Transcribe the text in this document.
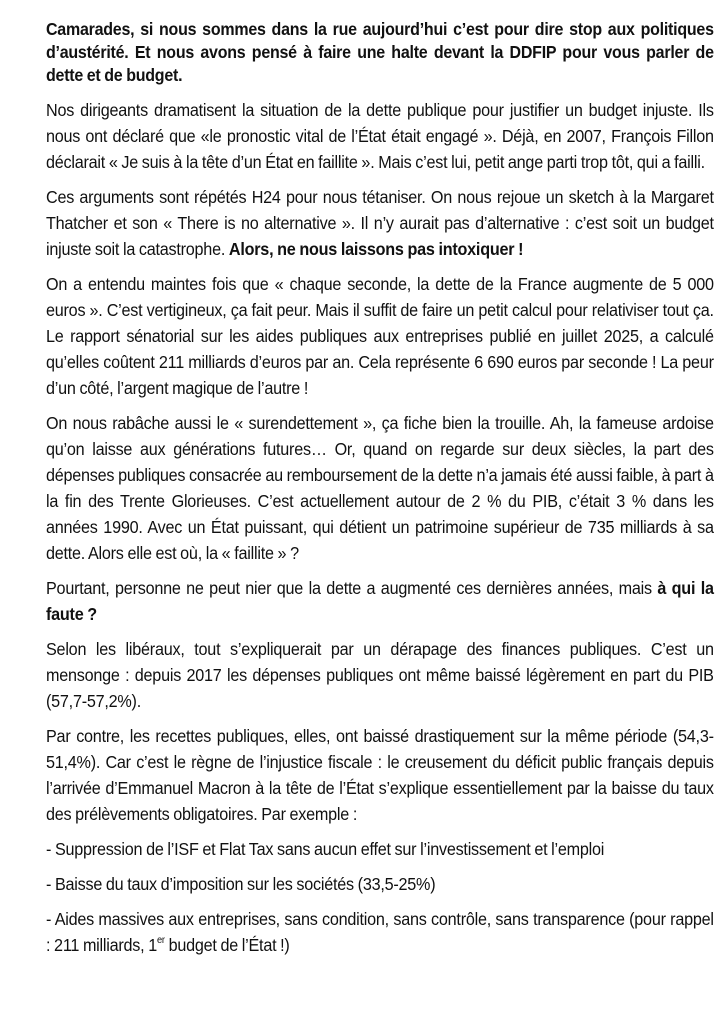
Camarades, si nous sommes dans la rue aujourd’hui c’est pour dire stop aux politiques d’austérité. Et nous avons pensé à faire une halte devant la DDFIP pour vous parler de dette et de budget.

Nos dirigeants dramatisent la situation de la dette publique pour justifier un budget injuste. Ils nous ont déclaré que «le pronostic vital de l’État était engagé ». Déjà, en 2007, François Fillon déclarait « Je suis à la tête d’un État en faillite ». Mais c’est lui, petit ange parti trop tôt, qui a failli.

Ces arguments sont répétés H24 pour nous tétaniser. On nous rejoue un sketch à la Margaret Thatcher et son « There is no alternative ». Il n’y aurait pas d’alternative : c’est soit un budget injuste soit la catastrophe. Alors, ne nous laissons pas intoxiquer !

On a entendu maintes fois que « chaque seconde, la dette de la France augmente de 5 000 euros ». C’est vertigineux, ça fait peur. Mais il suffit de faire un petit calcul pour relativiser tout ça. Le rapport sénatorial sur les aides publiques aux entreprises publié en juillet 2025, a calculé qu’elles coûtent 211 milliards d’euros par an. Cela représente 6 690 euros par seconde ! La peur d’un côté, l’argent magique de l’autre !

On nous rabâche aussi le « surendettement », ça fiche bien la trouille. Ah, la fameuse ardoise qu’on laisse aux générations futures… Or, quand on regarde sur deux siècles, la part des dépenses publiques consacrée au remboursement de la dette n’a jamais été aussi faible, à part à la fin des Trente Glorieuses. C’est actuellement autour de 2 % du PIB, c’était 3 % dans les années 1990. Avec un État puissant, qui détient un patrimoine supérieur de 735 milliards à sa dette. Alors elle est où, la « faillite » ?

Pourtant, personne ne peut nier que la dette a augmenté ces dernières années, mais à qui la faute ?

Selon les libéraux, tout s’expliquerait par un dérapage des finances publiques. C’est un mensonge : depuis 2017 les dépenses publiques ont même baissé légèrement en part du PIB (57,7-57,2%).

Par contre, les recettes publiques, elles, ont baissé drastiquement sur la même période (54,3-51,4%). Car c’est le règne de l’injustice fiscale : le creusement du déficit public français depuis l’arrivée d’Emmanuel Macron à la tête de l’État s’explique essentiellement par la baisse du taux des prélèvements obligatoires. Par exemple :

- Suppression de l’ISF et Flat Tax sans aucun effet sur l’investissement et l’emploi

- Baisse du taux d’imposition sur les sociétés (33,5-25%)

- Aides massives aux entreprises, sans condition, sans contrôle, sans transparence (pour rappel : 211 milliards, 1er budget de l’État !)
